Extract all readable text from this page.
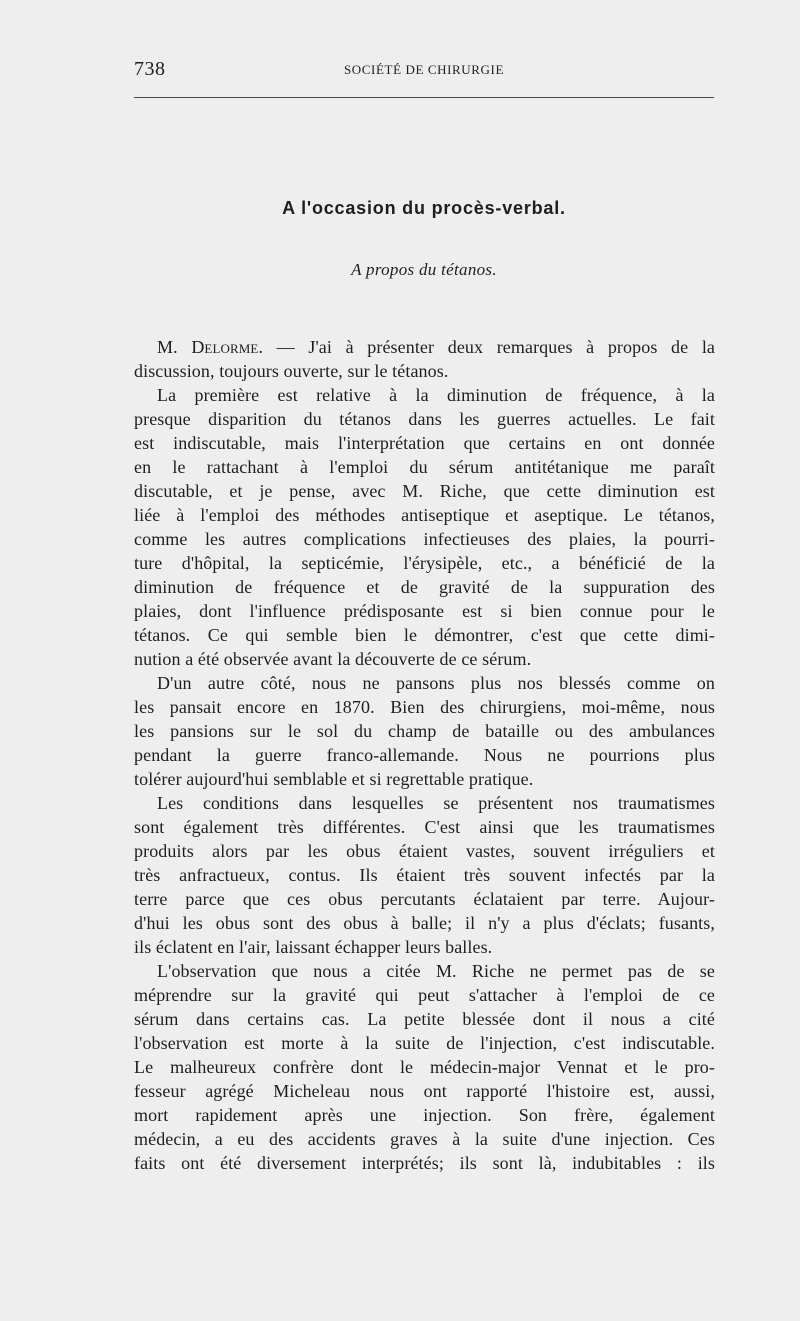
738	SOCIÉTÉ DE CHIRURGIE
A l'occasion du procès-verbal.
A propos du tétanos.
M. Delorme. — J'ai à présenter deux remarques à propos de la
discussion, toujours ouverte, sur le tétanos.
La première est relative à la diminution de fréquence, à la
presque disparition du tétanos dans les guerres actuelles. Le fait
est indiscutable, mais l'interprétation que certains en ont donnée
en le rattachant à l'emploi du sérum antitétanique me paraît
discutable, et je pense, avec M. Riche, que cette diminution est
liée à l'emploi des méthodes antiseptique et aseptique. Le tétanos,
comme les autres complications infectieuses des plaies, la pourri-
ture d'hôpital, la septicémie, l'érysipèle, etc., a bénéficié de la
diminution de fréquence et de gravité de la suppuration des
plaies, dont l'influence prédisposante est si bien connue pour le
tétanos. Ce qui semble bien le démontrer, c'est que cette dimi-
nution a été observée avant la découverte de ce sérum.
D'un autre côté, nous ne pansons plus nos blessés comme on
les pansait encore en 1870. Bien des chirurgiens, moi-même, nous
les pansions sur le sol du champ de bataille ou des ambulances
pendant la guerre franco-allemande. Nous ne pourrions plus
tolérer aujourd'hui semblable et si regrettable pratique.
Les conditions dans lesquelles se présentent nos traumatismes
sont également très différentes. C'est ainsi que les traumatismes
produits alors par les obus étaient vastes, souvent irréguliers et
très anfractueux, contus. Ils étaient très souvent infectés par la
terre parce que ces obus percutants éclataient par terre. Aujour-
d'hui les obus sont des obus à balle; il n'y a plus d'éclats; fusants,
ils éclatent en l'air, laissant échapper leurs balles.
L'observation que nous a citée M. Riche ne permet pas de se
méprendre sur la gravité qui peut s'attacher à l'emploi de ce
sérum dans certains cas. La petite blessée dont il nous a cité
l'observation est morte à la suite de l'injection, c'est indiscutable.
Le malheureux confrère dont le médecin-major Vennat et le pro-
fesseur agrégé Micheleau nous ont rapporté l'histoire est, aussi,
mort rapidement après une injection. Son frère, également
médecin, a eu des accidents graves à la suite d'une injection. Ces
faits ont été diversement interprétés; ils sont là, indubitables : ils
